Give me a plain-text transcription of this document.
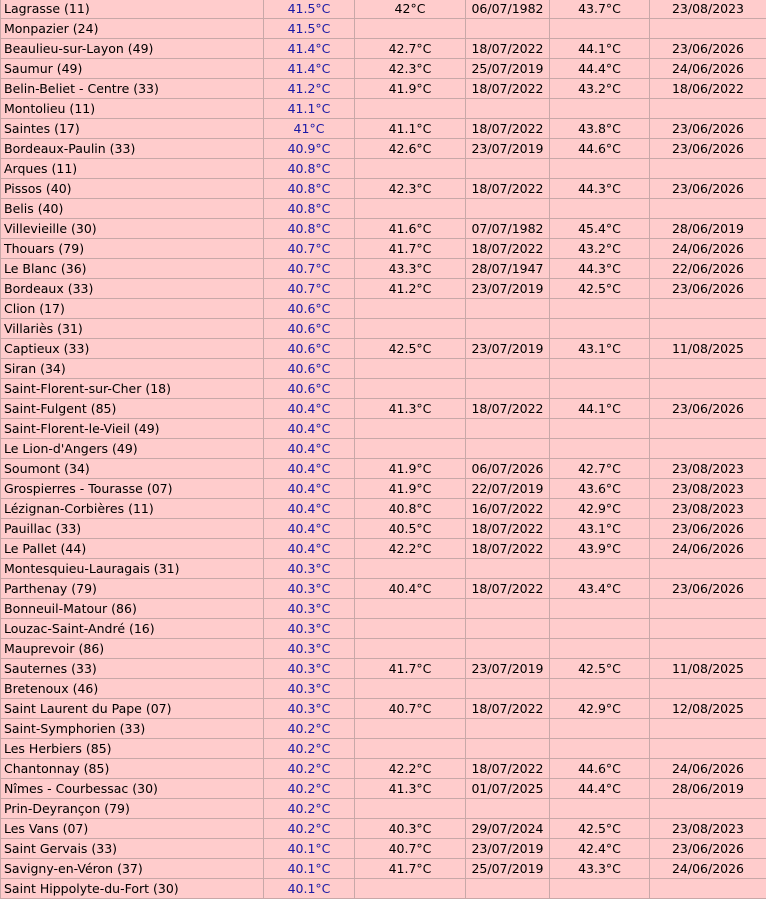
Lagrasse (11)	41.5°C	42°C	06/07/1982	43.7°C	23/08/2023
Monpazier (24)	41.5°C				
Beaulieu-sur-Layon (49)	41.4°C	42.7°C	18/07/2022	44.1°C	23/06/2026
Saumur (49)	41.4°C	42.3°C	25/07/2019	44.4°C	24/06/2026
Belin-Beliet - Centre (33)	41.2°C	41.9°C	18/07/2022	43.2°C	18/06/2022
Montolieu (11)	41.1°C				
Saintes (17)	41°C	41.1°C	18/07/2022	43.8°C	23/06/2026
Bordeaux-Paulin (33)	40.9°C	42.6°C	23/07/2019	44.6°C	23/06/2026
Arques (11)	40.8°C				
Pissos (40)	40.8°C	42.3°C	18/07/2022	44.3°C	23/06/2026
Belis (40)	40.8°C				
Villevieille (30)	40.8°C	41.6°C	07/07/1982	45.4°C	28/06/2019
Thouars (79)	40.7°C	41.7°C	18/07/2022	43.2°C	24/06/2026
Le Blanc (36)	40.7°C	43.3°C	28/07/1947	44.3°C	22/06/2026
Bordeaux (33)	40.7°C	41.2°C	23/07/2019	42.5°C	23/06/2026
Clion (17)	40.6°C				
Villariès (31)	40.6°C				
Captieux (33)	40.6°C	42.5°C	23/07/2019	43.1°C	11/08/2025
Siran (34)	40.6°C				
Saint-Florent-sur-Cher (18)	40.6°C				
Saint-Fulgent (85)	40.4°C	41.3°C	18/07/2022	44.1°C	23/06/2026
Saint-Florent-le-Vieil (49)	40.4°C				
Le Lion-d'Angers (49)	40.4°C				
Soumont (34)	40.4°C	41.9°C	06/07/2026	42.7°C	23/08/2023
Grospierres - Tourasse (07)	40.4°C	41.9°C	22/07/2019	43.6°C	23/08/2023
Lézignan-Corbières (11)	40.4°C	40.8°C	16/07/2022	42.9°C	23/08/2023
Pauillac (33)	40.4°C	40.5°C	18/07/2022	43.1°C	23/06/2026
Le Pallet (44)	40.4°C	42.2°C	18/07/2022	43.9°C	24/06/2026
Montesquieu-Lauragais (31)	40.3°C				
Parthenay (79)	40.3°C	40.4°C	18/07/2022	43.4°C	23/06/2026
Bonneuil-Matour (86)	40.3°C				
Louzac-Saint-André (16)	40.3°C				
Mauprevoir (86)	40.3°C				
Sauternes (33)	40.3°C	41.7°C	23/07/2019	42.5°C	11/08/2025
Bretenoux (46)	40.3°C				
Saint Laurent du Pape (07)	40.3°C	40.7°C	18/07/2022	42.9°C	12/08/2025
Saint-Symphorien (33)	40.2°C				
Les Herbiers (85)	40.2°C				
Chantonnay (85)	40.2°C	42.2°C	18/07/2022	44.6°C	24/06/2026
Nîmes - Courbessac (30)	40.2°C	41.3°C	01/07/2025	44.4°C	28/06/2019
Prin-Deyrançon (79)	40.2°C				
Les Vans (07)	40.2°C	40.3°C	29/07/2024	42.5°C	23/08/2023
Saint Gervais (33)	40.1°C	40.7°C	23/07/2019	42.4°C	23/06/2026
Savigny-en-Véron (37)	40.1°C	41.7°C	25/07/2019	43.3°C	24/06/2026
Saint Hippolyte-du-Fort (30)	40.1°C				
